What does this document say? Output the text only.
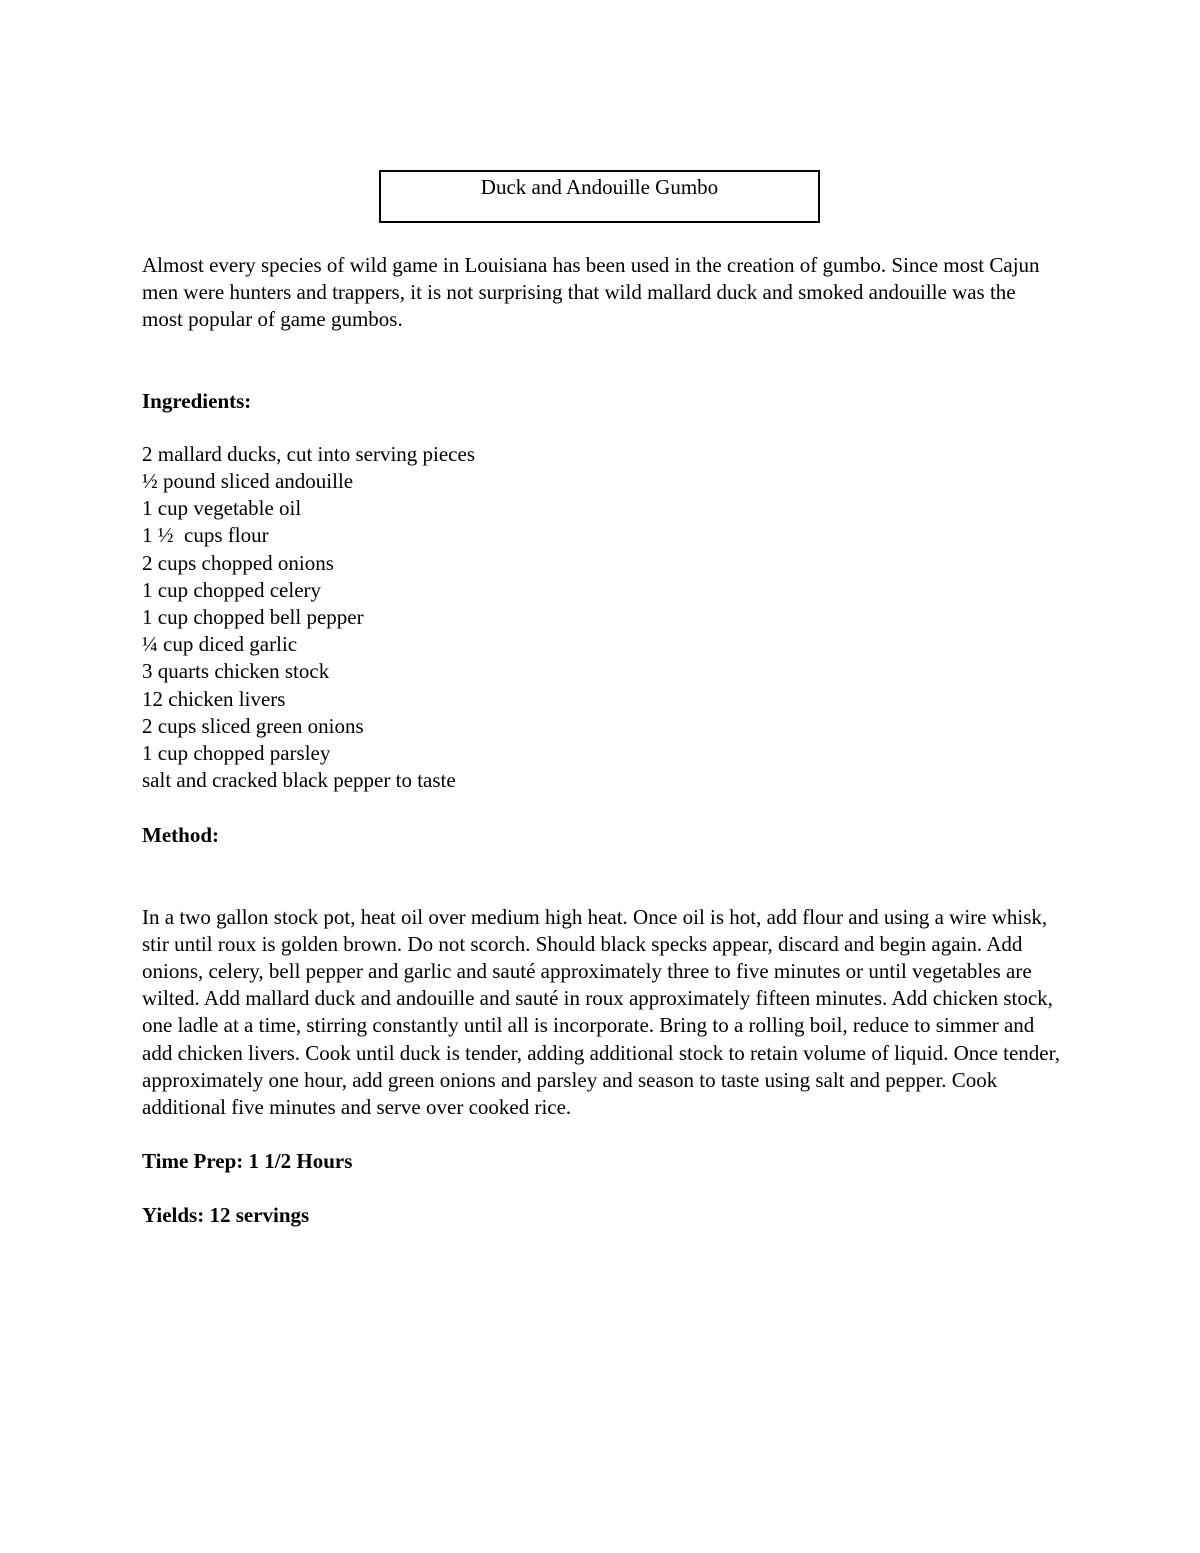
Duck and Andouille Gumbo

Almost every species of wild game in Louisiana has been used in the creation of gumbo. Since most Cajun men were hunters and trappers, it is not surprising that wild mallard duck and smoked andouille was the most popular of game gumbos.

Ingredients:

2 mallard ducks, cut into serving pieces
½ pound sliced andouille
1 cup vegetable oil
1 ½  cups flour
2 cups chopped onions
1 cup chopped celery
1 cup chopped bell pepper
¼ cup diced garlic
3 quarts chicken stock
12 chicken livers
2 cups sliced green onions
1 cup chopped parsley
salt and cracked black pepper to taste

Method:

In a two gallon stock pot, heat oil over medium high heat. Once oil is hot, add flour and using a wire whisk, stir until roux is golden brown. Do not scorch. Should black specks appear, discard and begin again. Add onions, celery, bell pepper and garlic and sauté approximately three to five minutes or until vegetables are wilted. Add mallard duck and andouille and sauté in roux approximately fifteen minutes. Add chicken stock, one ladle at a time, stirring constantly until all is incorporate. Bring to a rolling boil, reduce to simmer and add chicken livers. Cook until duck is tender, adding additional stock to retain volume of liquid. Once tender, approximately one hour, add green onions and parsley and season to taste using salt and pepper. Cook additional five minutes and serve over cooked rice.

Time Prep: 1 1/2 Hours

Yields: 12 servings
